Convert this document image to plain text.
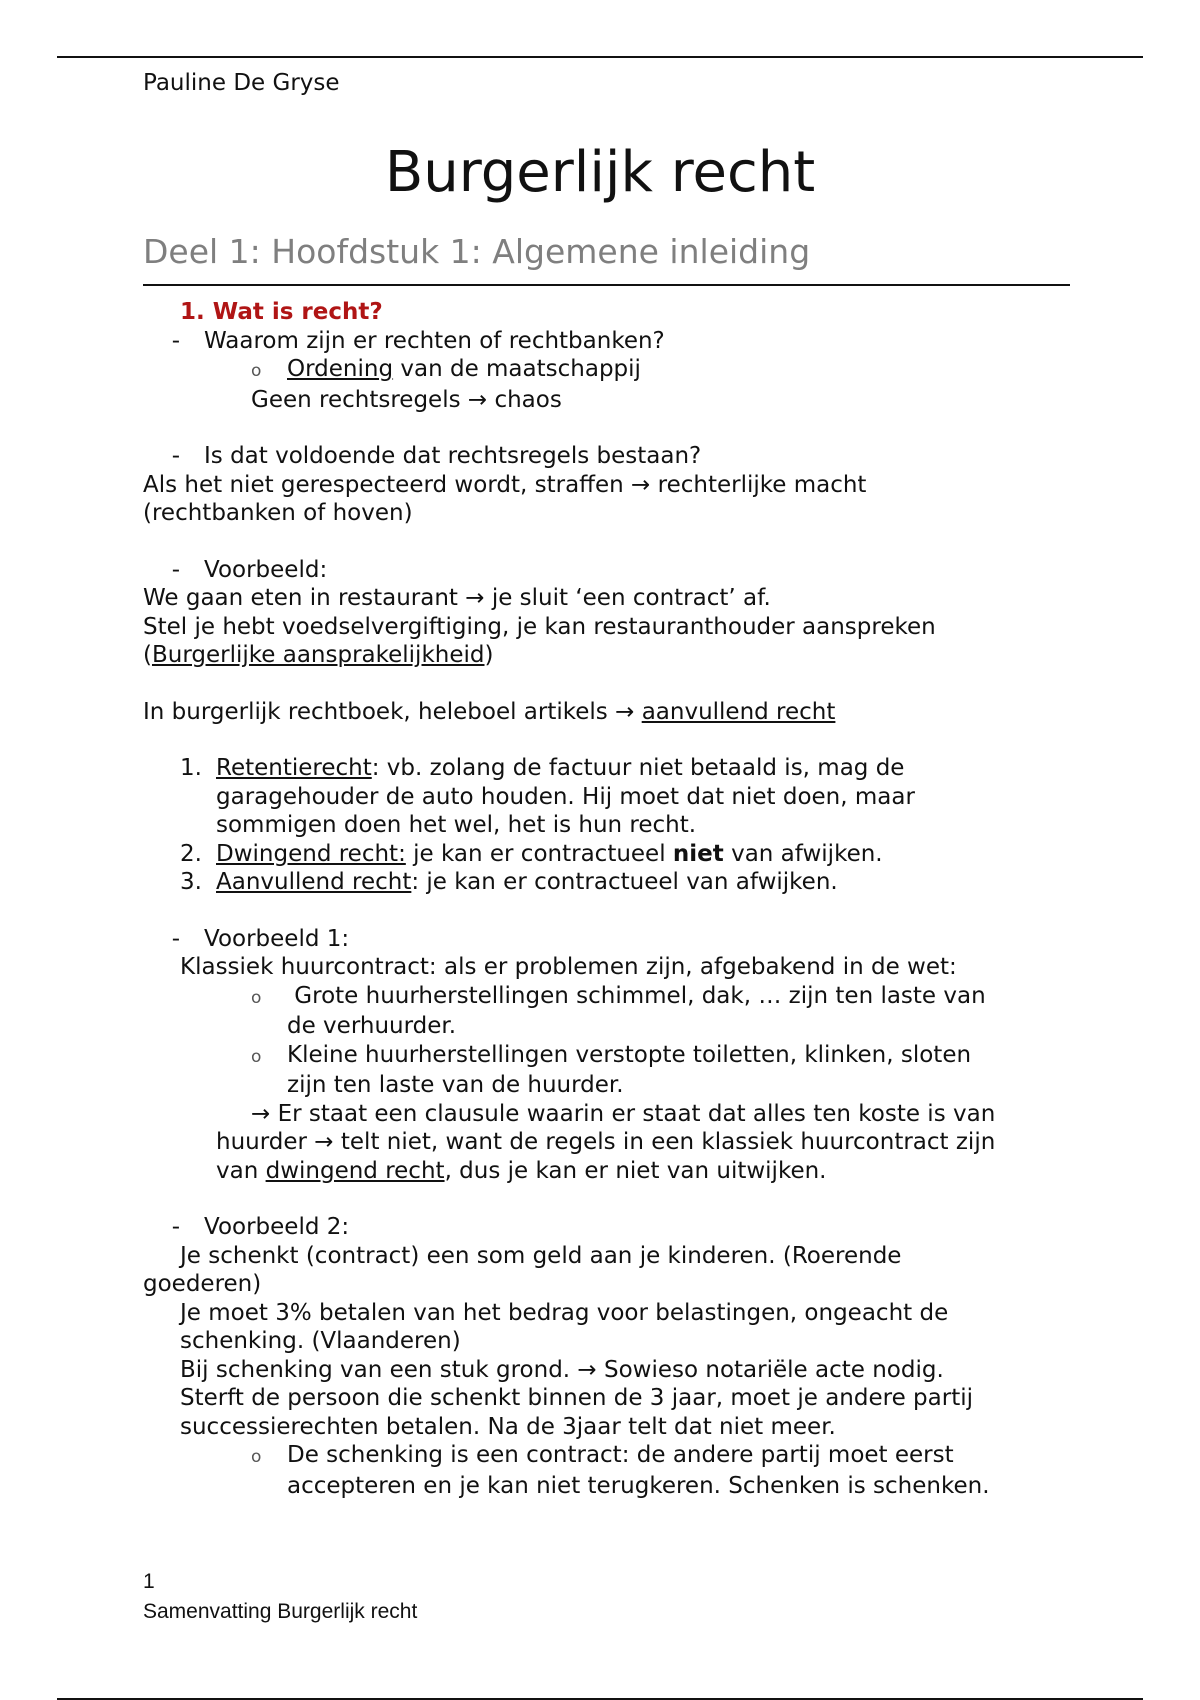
Pauline De Gryse
Burgerlijk recht
Deel 1: Hoofdstuk 1: Algemene inleiding
1. Wat is recht?
- Waarom zijn er rechten of rechtbanken?
o Ordening van de maatschappij
Geen rechtsregels → chaos
- Is dat voldoende dat rechtsregels bestaan?
Als het niet gerespecteerd wordt, straffen → rechterlijke macht
(rechtbanken of hoven)
- Voorbeeld:
We gaan eten in restaurant → je sluit ‘een contract’ af.
Stel je hebt voedselvergiftiging, je kan restauranthouder aanspreken
(Burgerlijke aansprakelijkheid)
In burgerlijk rechtboek, heleboel artikels → aanvullend recht
1. Retentierecht: vb. zolang de factuur niet betaald is, mag de
garagehouder de auto houden. Hij moet dat niet doen, maar
sommigen doen het wel, het is hun recht.
2. Dwingend recht: je kan er contractueel niet van afwijken.
3. Aanvullend recht: je kan er contractueel van afwijken.
- Voorbeeld 1:
Klassiek huurcontract: als er problemen zijn, afgebakend in de wet:
o Grote huurherstellingen schimmel, dak, … zijn ten laste van
de verhuurder.
o Kleine huurherstellingen verstopte toiletten, klinken, sloten
zijn ten laste van de huurder.
→ Er staat een clausule waarin er staat dat alles ten koste is van
huurder → telt niet, want de regels in een klassiek huurcontract zijn
van dwingend recht, dus je kan er niet van uitwijken.
- Voorbeeld 2:
Je schenkt (contract) een som geld aan je kinderen. (Roerende
goederen)
Je moet 3% betalen van het bedrag voor belastingen, ongeacht de
schenking. (Vlaanderen)
Bij schenking van een stuk grond. → Sowieso notariële acte nodig.
Sterft de persoon die schenkt binnen de 3 jaar, moet je andere partij
successierechten betalen. Na de 3jaar telt dat niet meer.
o De schenking is een contract: de andere partij moet eerst
accepteren en je kan niet terugkeren. Schenken is schenken.
1
Samenvatting Burgerlijk recht
